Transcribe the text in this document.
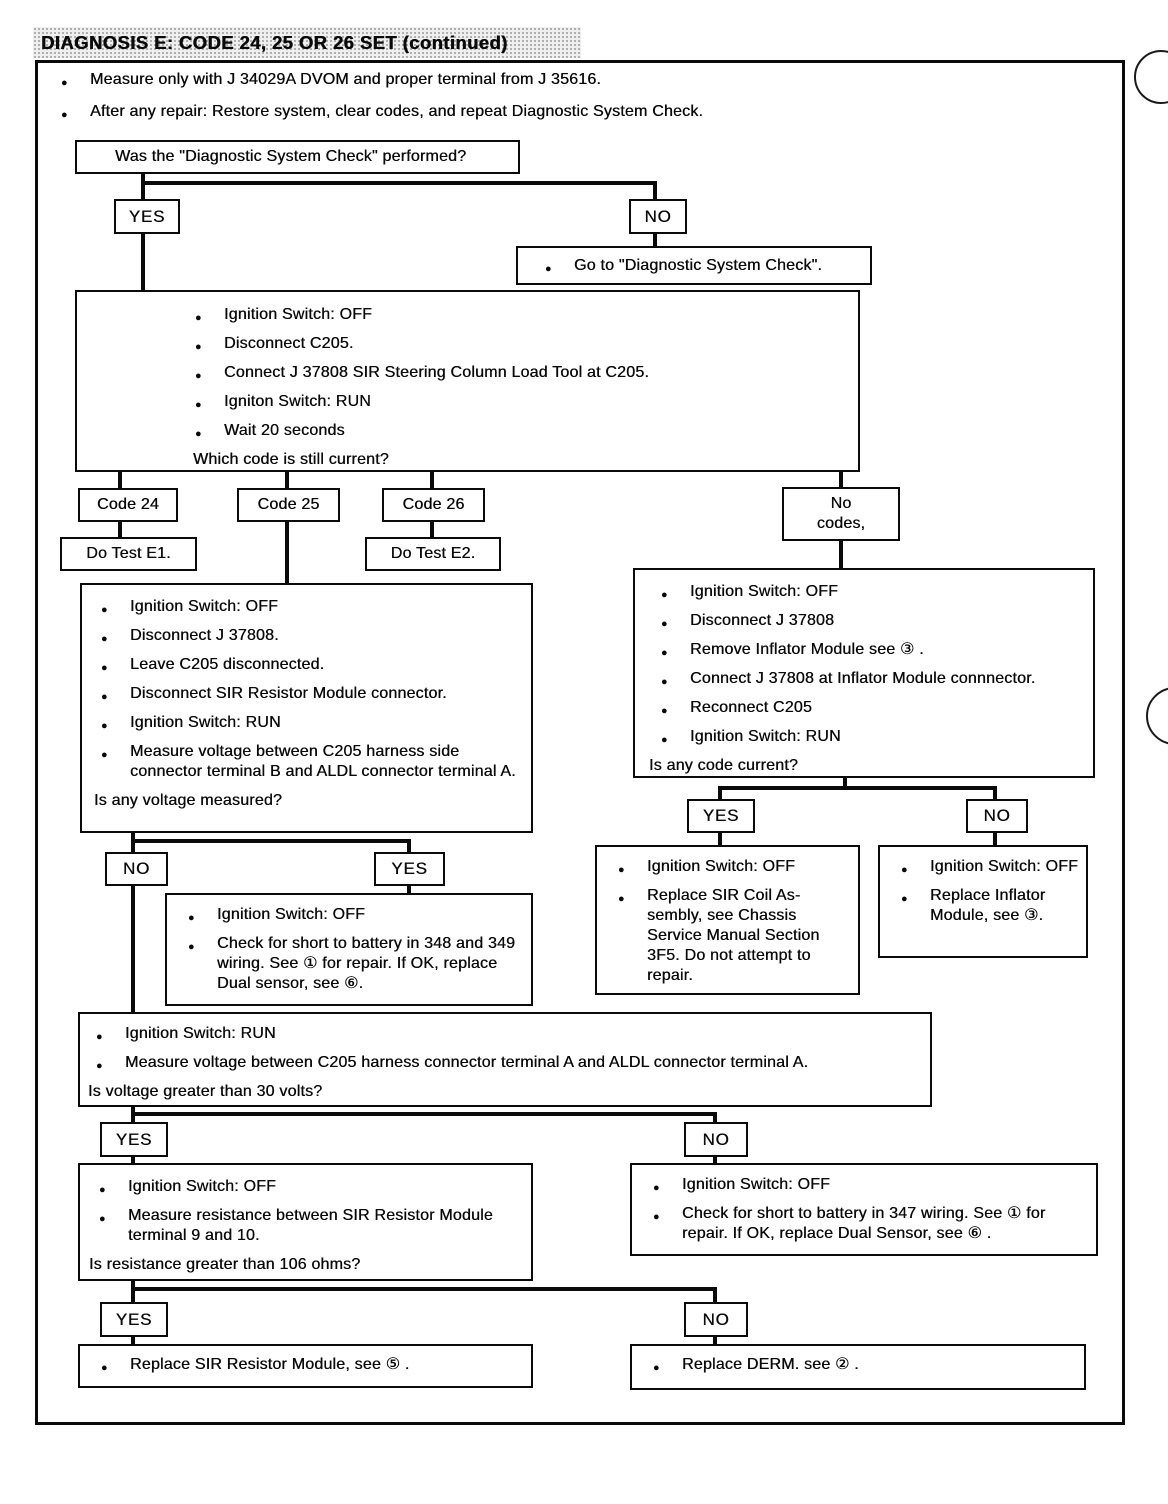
DIAGNOSIS E: CODE 24, 25 OR 26 SET (continued)
● Measure only with J 34029A DVOM and proper terminal from J 35616.
● After any repair: Restore system, clear codes, and repeat Diagnostic System Check.
Was the "Diagnostic System Check" performed?
YES	NO
● Go to "Diagnostic System Check".
● Ignition Switch: OFF
● Disconnect C205.
● Connect J 37808 SIR Steering Column Load Tool at C205.
● Igniton Switch: RUN
● Wait 20 seconds
Which code is still current?
Code 24	Code 25	Code 26	No
codes,
Do Test E1.	Do Test E2.
● Ignition Switch: OFF
● Disconnect J 37808.
● Leave C205 disconnected.
● Disconnect SIR Resistor Module connector.
● Ignition Switch: RUN
● Measure voltage between C205 harness side connector terminal B and ALDL connector terminal A.
Is any voltage measured?
● Ignition Switch: OFF
● Disconnect J 37808
● Remove Inflator Module see ③ .
● Connect J 37808 at Inflator Module connnector.
● Reconnect C205
● Ignition Switch: RUN
Is any code current?
YES	NO
● Ignition Switch: OFF
● Replace SIR Coil As-sembly, see Chassis Service Manual Section 3F5. Do not attempt to repair.
● Ignition Switch: OFF
● Replace Inflator Module, see ③.
NO	YES
● Ignition Switch: OFF
● Check for short to battery in 348 and 349 wiring. See ① for repair. If OK, replace Dual sensor, see ⑥.
● Ignition Switch: RUN
● Measure voltage between C205 harness connector terminal A and ALDL connector terminal A.
Is voltage greater than 30 volts?
YES	NO
● Ignition Switch: OFF
● Measure resistance between SIR Resistor Module terminal 9 and 10.
Is resistance greater than 106 ohms?
● Ignition Switch: OFF
● Check for short to battery in 347 wiring. See ① for repair. If OK, replace Dual Sensor, see ⑥ .
YES	NO
● Replace SIR Resistor Module, see ⑤ .	● Replace DERM. see ② .
